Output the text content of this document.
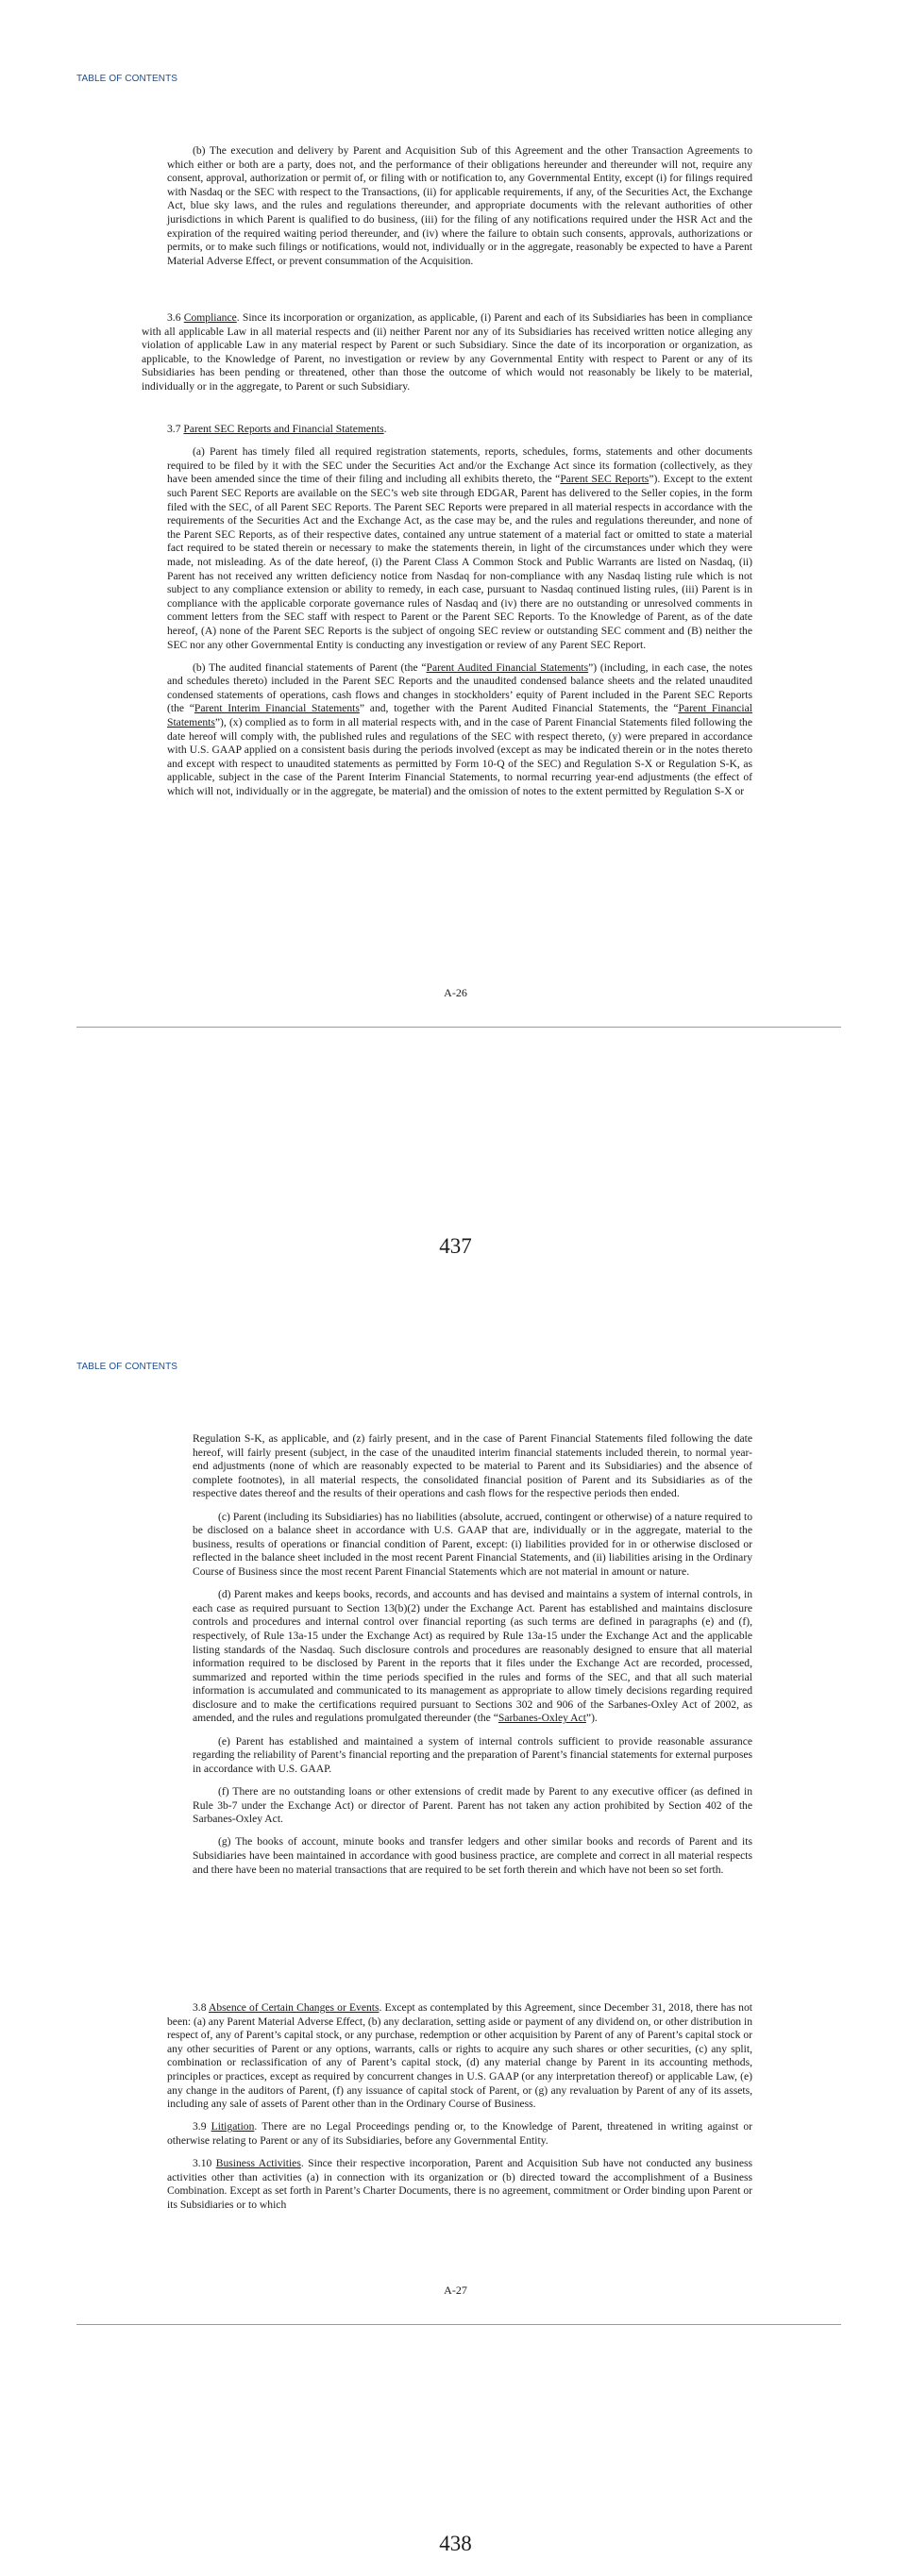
TABLE OF CONTENTS

(b) The execution and delivery by Parent and Acquisition Sub of this Agreement and the other Transaction Agreements to which either or both are a party, does not, and the performance of their obligations hereunder and thereunder will not, require any consent, approval, authorization or permit of, or filing with or notification to, any Governmental Entity, except (i) for filings required with Nasdaq or the SEC with respect to the Transactions, (ii) for applicable requirements, if any, of the Securities Act, the Exchange Act, blue sky laws, and the rules and regulations thereunder, and appropriate documents with the relevant authorities of other jurisdictions in which Parent is qualified to do business, (iii) for the filing of any notifications required under the HSR Act and the expiration of the required waiting period thereunder, and (iv) where the failure to obtain such consents, approvals, authorizations or permits, or to make such filings or notifications, would not, individually or in the aggregate, reasonably be expected to have a Parent Material Adverse Effect, or prevent consummation of the Acquisition.

3.6 Compliance. Since its incorporation or organization, as applicable, (i) Parent and each of its Subsidiaries has been in compliance with all applicable Law in all material respects and (ii) neither Parent nor any of its Subsidiaries has received written notice alleging any violation of applicable Law in any material respect by Parent or such Subsidiary. Since the date of its incorporation or organization, as applicable, to the Knowledge of Parent, no investigation or review by any Governmental Entity with respect to Parent or any of its Subsidiaries has been pending or threatened, other than those the outcome of which would not reasonably be likely to be material, individually or in the aggregate, to Parent or such Subsidiary.

3.7 Parent SEC Reports and Financial Statements.

(a) Parent has timely filed all required registration statements, reports, schedules, forms, statements and other documents required to be filed by it with the SEC under the Securities Act and/or the Exchange Act since its formation (collectively, as they have been amended since the time of their filing and including all exhibits thereto, the “Parent SEC Reports”). Except to the extent such Parent SEC Reports are available on the SEC’s web site through EDGAR, Parent has delivered to the Seller copies, in the form filed with the SEC, of all Parent SEC Reports. The Parent SEC Reports were prepared in all material respects in accordance with the requirements of the Securities Act and the Exchange Act, as the case may be, and the rules and regulations thereunder, and none of the Parent SEC Reports, as of their respective dates, contained any untrue statement of a material fact or omitted to state a material fact required to be stated therein or necessary to make the statements therein, in light of the circumstances under which they were made, not misleading. As of the date hereof, (i) the Parent Class A Common Stock and Public Warrants are listed on Nasdaq, (ii) Parent has not received any written deficiency notice from Nasdaq for non-compliance with any Nasdaq listing rule which is not subject to any compliance extension or ability to remedy, in each case, pursuant to Nasdaq continued listing rules, (iii) Parent is in compliance with the applicable corporate governance rules of Nasdaq and (iv) there are no outstanding or unresolved comments in comment letters from the SEC staff with respect to Parent or the Parent SEC Reports. To the Knowledge of Parent, as of the date hereof, (A) none of the Parent SEC Reports is the subject of ongoing SEC review or outstanding SEC comment and (B) neither the SEC nor any other Governmental Entity is conducting any investigation or review of any Parent SEC Report.

(b) The audited financial statements of Parent (the “Parent Audited Financial Statements”) (including, in each case, the notes and schedules thereto) included in the Parent SEC Reports and the unaudited condensed balance sheets and the related unaudited condensed statements of operations, cash flows and changes in stockholders’ equity of Parent included in the Parent SEC Reports (the “Parent Interim Financial Statements” and, together with the Parent Audited Financial Statements, the “Parent Financial Statements”), (x) complied as to form in all material respects with, and in the case of Parent Financial Statements filed following the date hereof will comply with, the published rules and regulations of the SEC with respect thereto, (y) were prepared in accordance with U.S. GAAP applied on a consistent basis during the periods involved (except as may be indicated therein or in the notes thereto and except with respect to unaudited statements as permitted by Form 10-Q of the SEC) and Regulation S-X or Regulation S-K, as applicable, subject in the case of the Parent Interim Financial Statements, to normal recurring year-end adjustments (the effect of which will not, individually or in the aggregate, be material) and the omission of notes to the extent permitted by Regulation S-X or

A-26
437
TABLE OF CONTENTS

Regulation S-K, as applicable, and (z) fairly present, and in the case of Parent Financial Statements filed following the date hereof, will fairly present (subject, in the case of the unaudited interim financial statements included therein, to normal year-end adjustments (none of which are reasonably expected to be material to Parent and its Subsidiaries) and the absence of complete footnotes), in all material respects, the consolidated financial position of Parent and its Subsidiaries as of the respective dates thereof and the results of their operations and cash flows for the respective periods then ended.

(c) Parent (including its Subsidiaries) has no liabilities (absolute, accrued, contingent or otherwise) of a nature required to be disclosed on a balance sheet in accordance with U.S. GAAP that are, individually or in the aggregate, material to the business, results of operations or financial condition of Parent, except: (i) liabilities provided for in or otherwise disclosed or reflected in the balance sheet included in the most recent Parent Financial Statements, and (ii) liabilities arising in the Ordinary Course of Business since the most recent Parent Financial Statements which are not material in amount or nature.

(d) Parent makes and keeps books, records, and accounts and has devised and maintains a system of internal controls, in each case as required pursuant to Section 13(b)(2) under the Exchange Act. Parent has established and maintains disclosure controls and procedures and internal control over financial reporting (as such terms are defined in paragraphs (e) and (f), respectively, of Rule 13a-15 under the Exchange Act) as required by Rule 13a-15 under the Exchange Act and the applicable listing standards of the Nasdaq. Such disclosure controls and procedures are reasonably designed to ensure that all material information required to be disclosed by Parent in the reports that it files under the Exchange Act are recorded, processed, summarized and reported within the time periods specified in the rules and forms of the SEC, and that all such material information is accumulated and communicated to its management as appropriate to allow timely decisions regarding required disclosure and to make the certifications required pursuant to Sections 302 and 906 of the Sarbanes-Oxley Act of 2002, as amended, and the rules and regulations promulgated thereunder (the “Sarbanes-Oxley Act”).

(e) Parent has established and maintained a system of internal controls sufficient to provide reasonable assurance regarding the reliability of Parent’s financial reporting and the preparation of Parent’s financial statements for external purposes in accordance with U.S. GAAP.

(f) There are no outstanding loans or other extensions of credit made by Parent to any executive officer (as defined in Rule 3b-7 under the Exchange Act) or director of Parent. Parent has not taken any action prohibited by Section 402 of the Sarbanes-Oxley Act.

(g) The books of account, minute books and transfer ledgers and other similar books and records of Parent and its Subsidiaries have been maintained in accordance with good business practice, are complete and correct in all material respects and there have been no material transactions that are required to be set forth therein and which have not been so set forth.

3.8 Absence of Certain Changes or Events. Except as contemplated by this Agreement, since December 31, 2018, there has not been: (a) any Parent Material Adverse Effect, (b) any declaration, setting aside or payment of any dividend on, or other distribution in respect of, any of Parent’s capital stock, or any purchase, redemption or other acquisition by Parent of any of Parent’s capital stock or any other securities of Parent or any options, warrants, calls or rights to acquire any such shares or other securities, (c) any split, combination or reclassification of any of Parent’s capital stock, (d) any material change by Parent in its accounting methods, principles or practices, except as required by concurrent changes in U.S. GAAP (or any interpretation thereof) or applicable Law, (e) any change in the auditors of Parent, (f) any issuance of capital stock of Parent, or (g) any revaluation by Parent of any of its assets, including any sale of assets of Parent other than in the Ordinary Course of Business.

3.9 Litigation. There are no Legal Proceedings pending or, to the Knowledge of Parent, threatened in writing against or otherwise relating to Parent or any of its Subsidiaries, before any Governmental Entity.

3.10 Business Activities. Since their respective incorporation, Parent and Acquisition Sub have not conducted any business activities other than activities (a) in connection with its organization or (b) directed toward the accomplishment of a Business Combination. Except as set forth in Parent’s Charter Documents, there is no agreement, commitment or Order binding upon Parent or its Subsidiaries or to which

A-27
438
